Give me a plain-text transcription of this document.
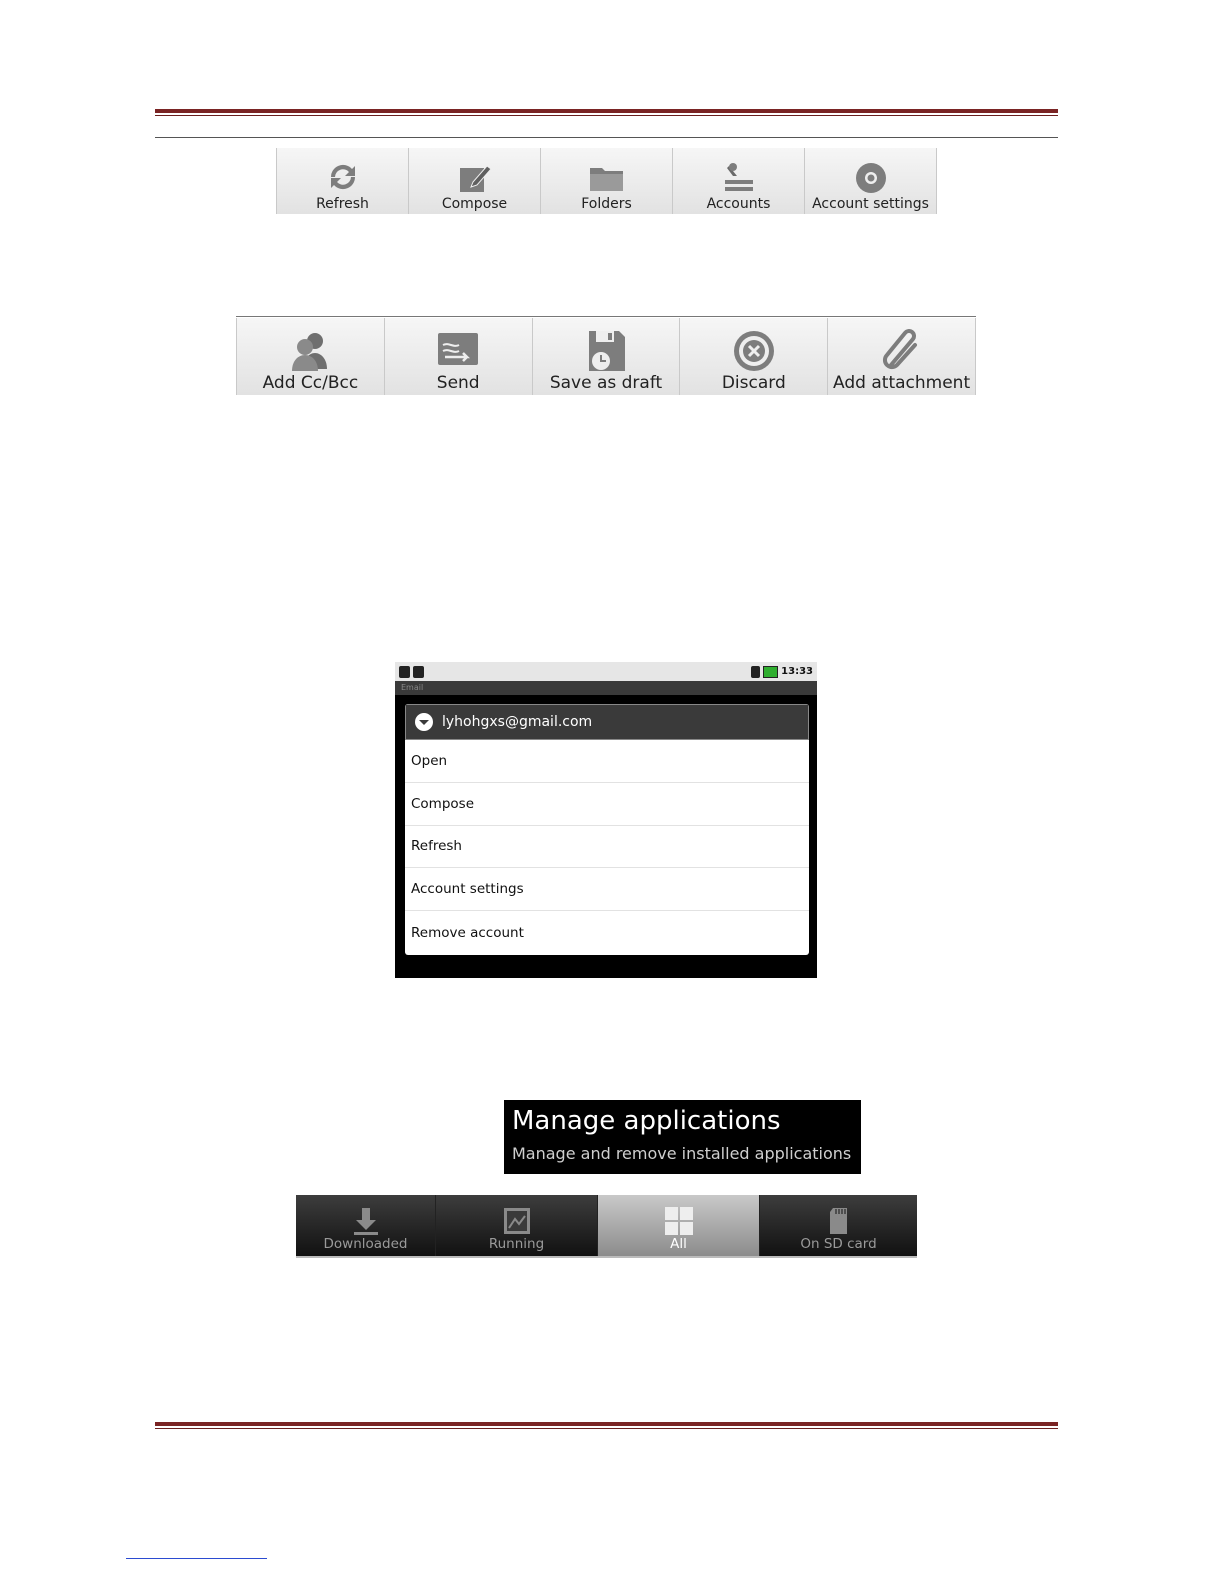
Refresh	Compose	Folders	Accounts	Account settings
Add Cc/Bcc	Send	Save as draft	Discard	Add attachment
13:33
Email
lyhohgxs@gmail.com
Open
Compose
Refresh
Account settings
Remove account
Manage applications
Manage and remove installed applications
Downloaded	Running	All	On SD card
